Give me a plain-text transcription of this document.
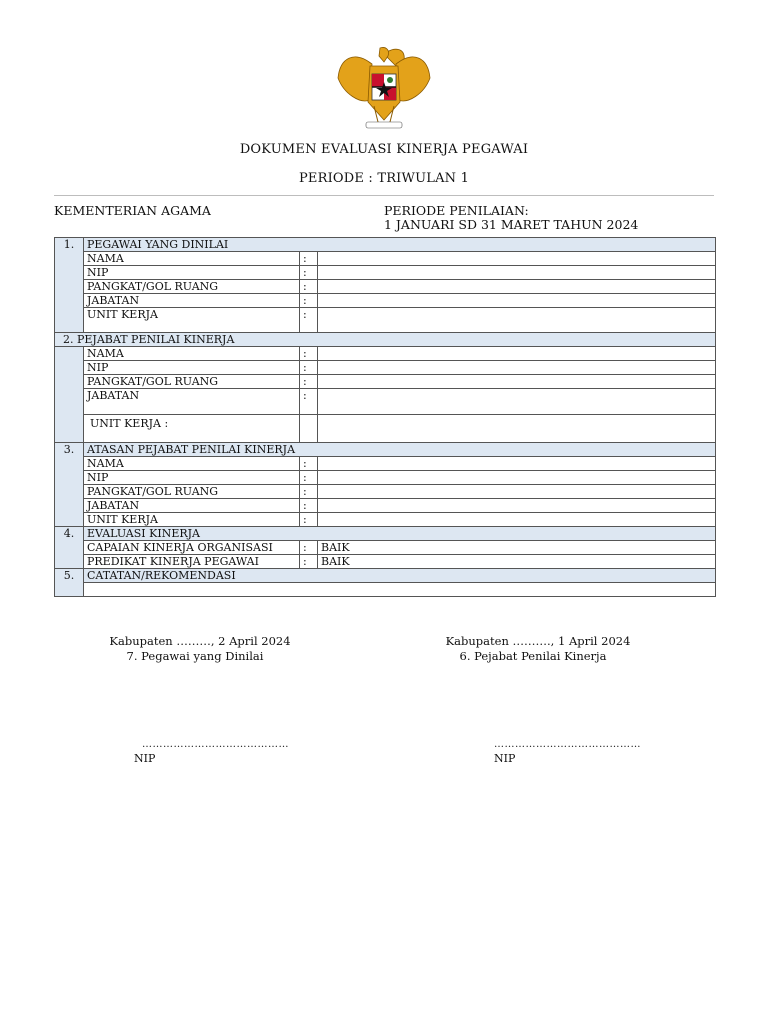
DOKUMEN EVALUASI KINERJA PEGAWAI
PERIODE : TRIWULAN 1
KEMENTERIAN AGAMA	PERIODE PENILAIAN:
1 JANUARI SD 31 MARET TAHUN 2024
1.	PEGAWAI YANG DINILAI		
	NAMA	:	
	NIP	:	
	PANGKAT/GOL RUANG	:	
	JABATAN	:	
	UNIT KERJA	:	
2. PEJABAT PENILAI KINERJA			
	NAMA	:	
	NIP	:	
	PANGKAT/GOL RUANG	:	
	JABATAN	:	
	UNIT KERJA :		
3.	ATASAN PEJABAT PENILAI KINERJA		
	NAMA	:	
	NIP	:	
	PANGKAT/GOL RUANG	:	
	JABATAN	:	
	UNIT KERJA	:	
4.	EVALUASI KINERJA		
	CAPAIAN KINERJA ORGANISASI	:	BAIK
	PREDIKAT KINERJA PEGAWAI	:	BAIK
5.	CATATAN/REKOMENDASI		

Kabupaten ………, 2 April 2024
7. Pegawai yang Dinilai
Kabupaten ………., 1 April 2024
6. Pejabat Penilai Kinerja
……………………………………
NIP
……………………………………
NIP
